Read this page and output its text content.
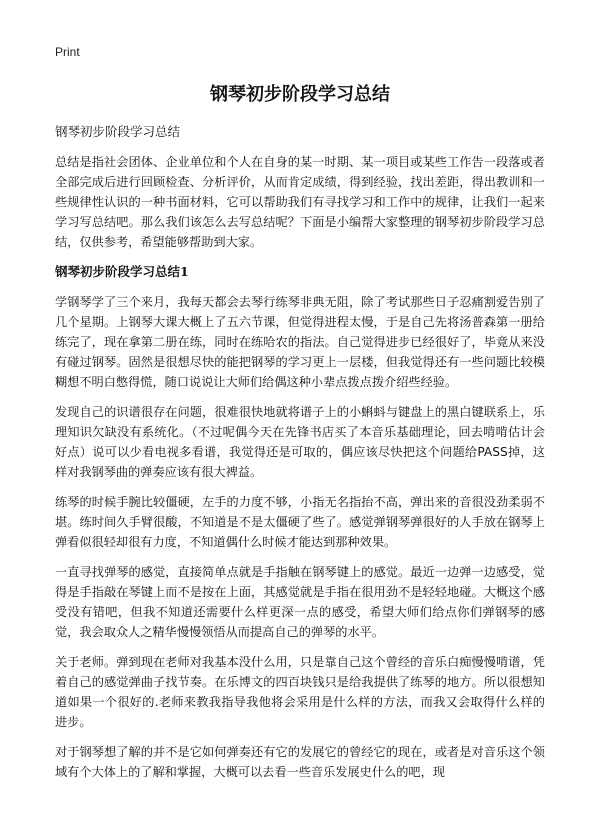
Print
钢琴初步阶段学习总结
钢琴初步阶段学习总结

总结是指社会团体、企业单位和个人在自身的某一时期、某一项目或某些工作告一段落或者全部完成后进行回顾检查、分析评价，从而肯定成绩，得到经验，找出差距，得出教训和一些规律性认识的一种书面材料，它可以帮助我们有寻找学习和工作中的规律，让我们一起来学习写总结吧。那么我们该怎么去写总结呢？下面是小编帮大家整理的钢琴初步阶段学习总结，仅供参考，希望能够帮助到大家。

钢琴初步阶段学习总结1

学钢琴学了三个来月，我每天都会去琴行练琴非典无阻，除了考试那些日子忍痛割爱告别了几个星期。上钢琴大课大概上了五六节课，但觉得进程太慢，于是自己先将汤普森第一册给练完了，现在拿第二册在练，同时在练哈农的指法。自己觉得进步已经很好了，毕竟从来没有碰过钢琴。固然是很想尽快的能把钢琴的学习更上一层楼，但我觉得还有一些问题比较模糊想不明白憋得慌，随口说说让大师们给偶这种小辈点拨点拨介绍些经验。

发现自己的识谱很存在问题，很难很快地就将谱子上的小蝌蚪与键盘上的黑白键联系上，乐理知识欠缺没有系统化。（不过呢偶今天在先锋书店买了本音乐基础理论，回去啃啃估计会好点）说可以少看电视多看谱，我觉得还是可取的，偶应该尽快把这个问题给PASS掉，这样对我钢琴曲的弹奏应该有很大裨益。

练琴的时候手腕比较僵硬，左手的力度不够，小指无名指抬不高，弹出来的音很没劲柔弱不堪。练时间久手臂很酸，不知道是不是太僵硬了些了。感觉弹钢琴弹很好的人手放在钢琴上弹看似很轻却很有力度，不知道偶什么时候才能达到那种效果。

一直寻找弹琴的感觉，直接简单点就是手指触在钢琴键上的感觉。最近一边弹一边感受，觉得是手指敲在琴键上而不是按在上面，其感觉就是手指在很用劲不是轻轻地碰。大概这个感受没有错吧，但我不知道还需要什么样更深一点的感受，希望大师们给点你们弹钢琴的感觉，我会取众人之精华慢慢领悟从而提高自己的弹琴的水平。

关于老师。弹到现在老师对我基本没什么用，只是靠自己这个曾经的音乐白痴慢慢啃谱，凭着自己的感觉弹曲子找节奏。在乐博文的四百块钱只是给我提供了练琴的地方。所以很想知道如果一个很好的.老师来教我指导我他将会采用是什么样的方法，而我又会取得什么样的进步。

对于钢琴想了解的并不是它如何弹奏还有它的发展它的曾经它的现在，或者是对音乐这个领域有个大体上的了解和掌握，大概可以去看一些音乐发展史什么的吧，现
